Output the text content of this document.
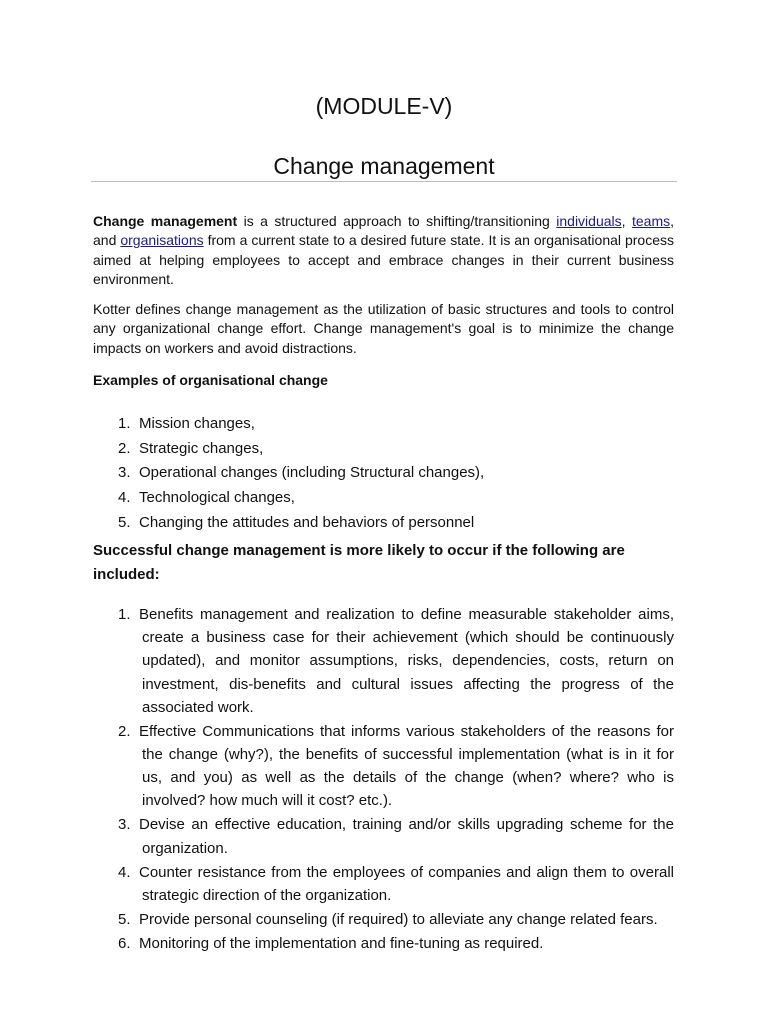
(MODULE-V)
Change management

Change management is a structured approach to shifting/transitioning individuals, teams, and organisations from a current state to a desired future state. It is an organisational process aimed at helping employees to accept and embrace changes in their current business environment.

Kotter defines change management as the utilization of basic structures and tools to control any organizational change effort. Change management's goal is to minimize the change impacts on workers and avoid distractions.

Examples of organisational change
1. Mission changes,
2. Strategic changes,
3. Operational changes (including Structural changes),
4. Technological changes,
5. Changing the attitudes and behaviors of personnel
Successful change management is more likely to occur if the following are included:
1. Benefits management and realization to define measurable stakeholder aims, create a business case for their achievement (which should be continuously updated), and monitor assumptions, risks, dependencies, costs, return on investment, dis-benefits and cultural issues affecting the progress of the associated work.
2. Effective Communications that informs various stakeholders of the reasons for the change (why?), the benefits of successful implementation (what is in it for us, and you) as well as the details of the change (when? where? who is involved? how much will it cost? etc.).
3. Devise an effective education, training and/or skills upgrading scheme for the organization.
4. Counter resistance from the employees of companies and align them to overall strategic direction of the organization.
5. Provide personal counseling (if required) to alleviate any change related fears.
6. Monitoring of the implementation and fine-tuning as required.
